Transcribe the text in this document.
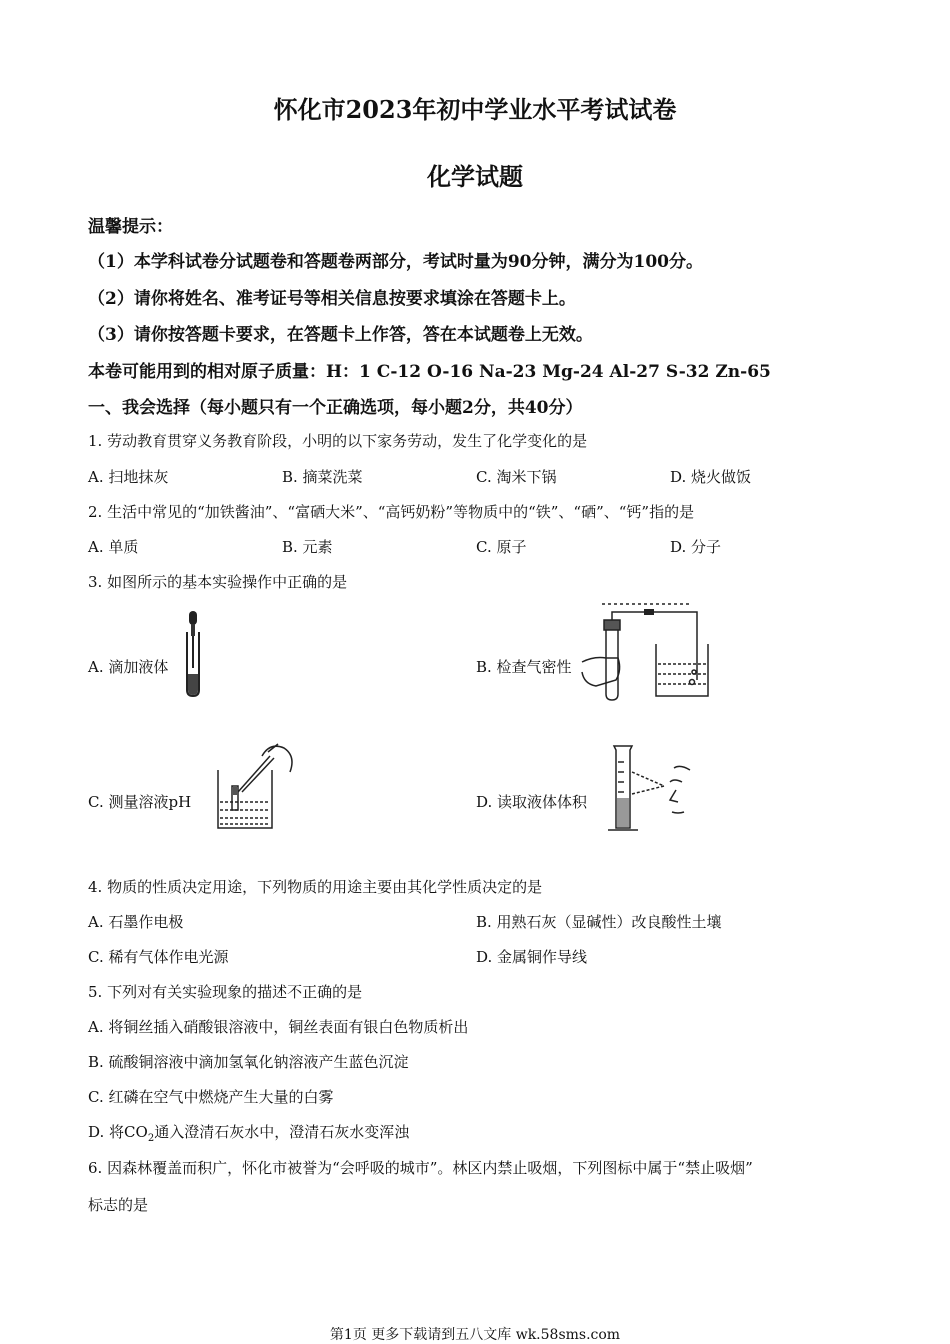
怀化市2023年初中学业水平考试试卷
化学试题
温馨提示：
（1）本学科试卷分试题卷和答题卷两部分，考试时量为90分钟，满分为100分。
（2）请你将姓名、准考证号等相关信息按要求填涂在答题卡上。
（3）请你按答题卡要求，在答题卡上作答，答在本试题卷上无效。
本卷可能用到的相对原子质量：H：1 C-12 O-16 Na-23 Mg-24 Al-27 S-32 Zn-65
一、我会选择（每小题只有一个正确选项，每小题2分，共40分）
1. 劳动教育贯穿义务教育阶段，小明的以下家务劳动，发生了化学变化的是
A. 扫地抹灰	B. 摘菜洗菜	C. 淘米下锅	D. 烧火做饭
2. 生活中常见的“加铁酱油”、“富硒大米”、“高钙奶粉”等物质中的“铁”、“硒”、“钙”指的是
A. 单质	B. 元素	C. 原子	D. 分子
3. 如图所示的基本实验操作中正确的是
A. 滴加液体	B. 检查气密性
C. 测量溶液pH	D. 读取液体体积
4. 物质的性质决定用途，下列物质的用途主要由其化学性质决定的是
A. 石墨作电极	B. 用熟石灰（显碱性）改良酸性土壤
C. 稀有气体作电光源	D. 金属铜作导线
5. 下列对有关实验现象的描述不正确的是
A. 将铜丝插入硝酸银溶液中，铜丝表面有银白色物质析出
B. 硫酸铜溶液中滴加氢氧化钠溶液产生蓝色沉淀
C. 红磷在空气中燃烧产生大量的白雾
D. 将$CO_2$通入澄清石灰水中，澄清石灰水变浑浊
6. 因森林覆盖而积广，怀化市被誉为“会呼吸的城市”。林区内禁止吸烟，下列图标中属于“禁止吸烟”
标志的是
第1页 更多下载请到五八文库 wk.58sms.com
